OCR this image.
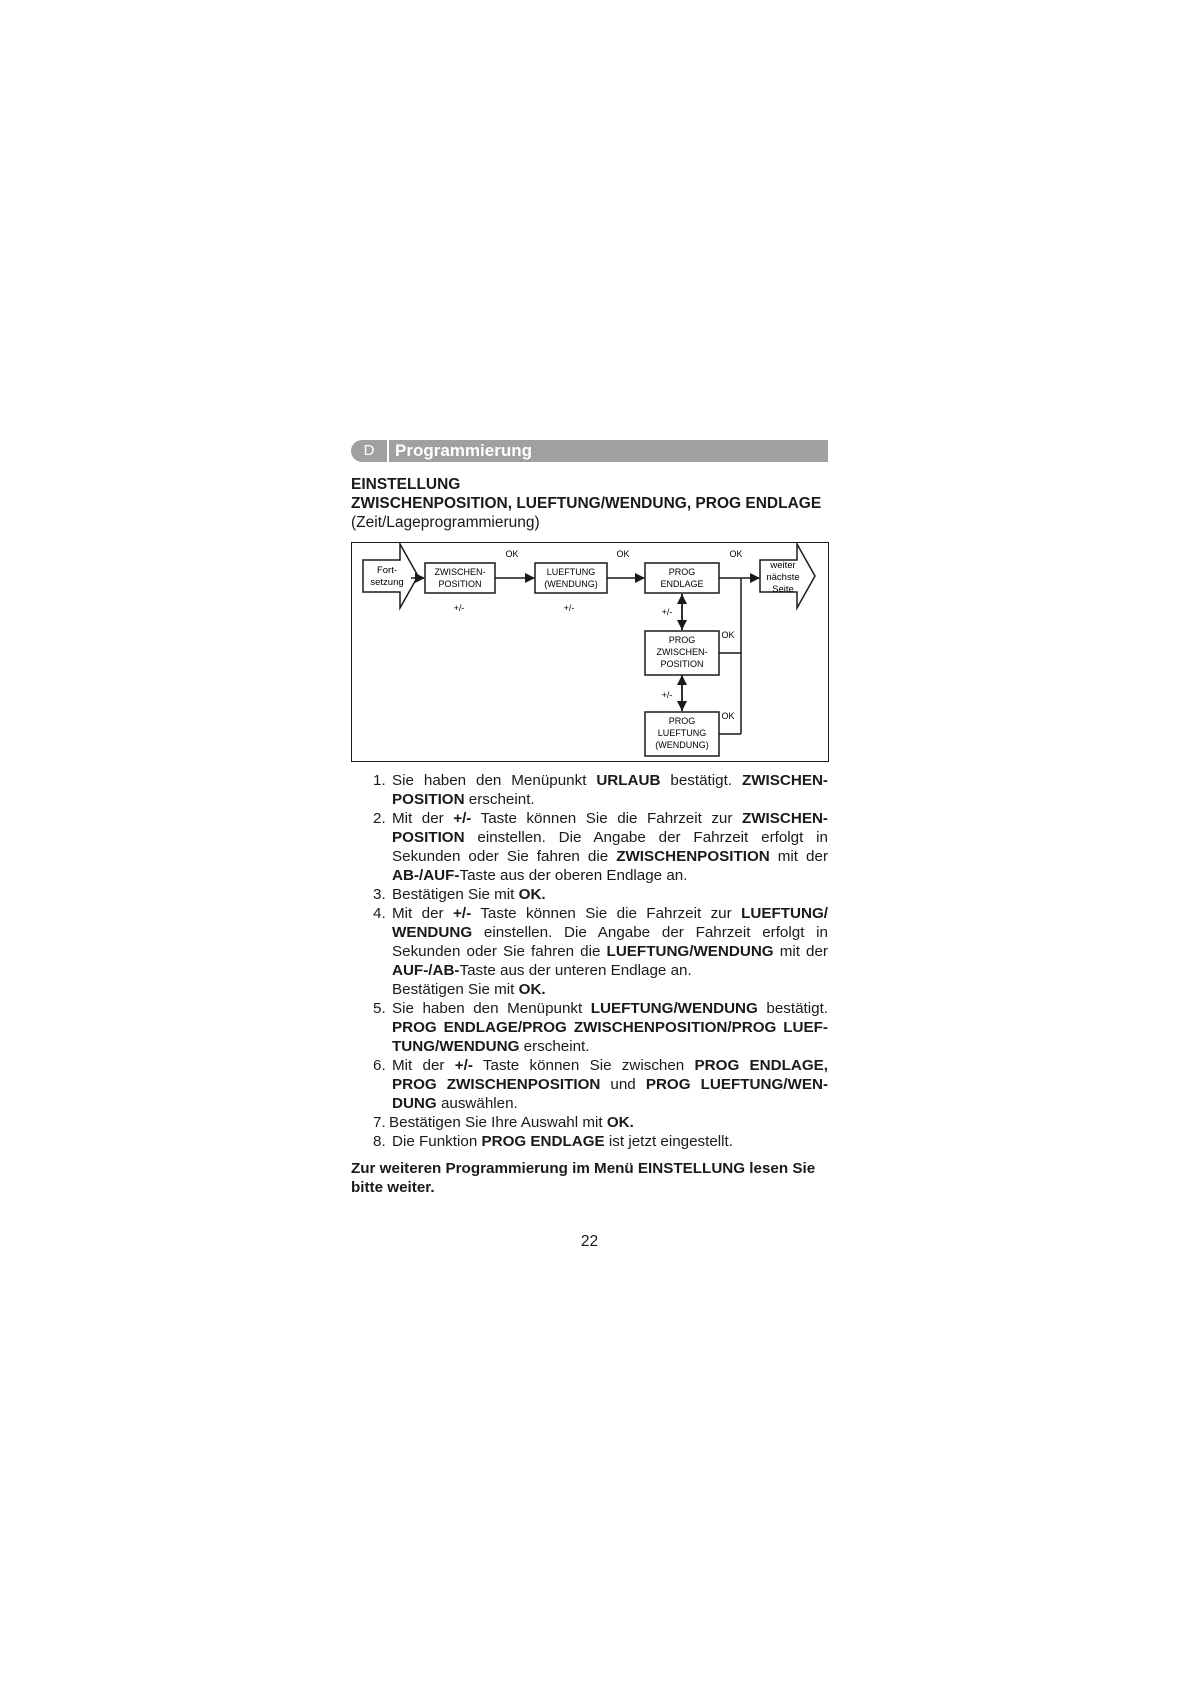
D	Programmierung
EINSTELLUNG
ZWISCHENPOSITION, LUEFTUNG/WENDUNG, PROG ENDLAGE
(Zeit/Lageprogrammierung)
Fort-
setzung
weiter
nächste
Seite
ZWISCHEN-
POSITION
LUEFTUNG
(WENDUNG)
PROG
ENDLAGE
PROG
ZWISCHEN-
POSITION
PROG
LUEFTUNG
(WENDUNG)
OK	OK	OK
OK
OK
+/-	+/-	+/-
+/-
1. Sie haben den Menüpunkt URLAUB bestätigt. ZWISCHEN-POSITION erscheint.
2. Mit der +/- Taste können Sie die Fahrzeit zur ZWISCHEN-POSITION einstellen. Die Angabe der Fahrzeit erfolgt in Sekunden oder Sie fahren die ZWISCHENPOSITION mit der AB-/AUF-Taste aus der oberen Endlage an.
3. Bestätigen Sie mit OK.
4. Mit der +/- Taste können Sie die Fahrzeit zur LUEFTUNG/ WENDUNG einstellen. Die Angabe der Fahrzeit erfolgt in Sekunden oder Sie fahren die LUEFTUNG/WENDUNG mit der AUF-/AB-Taste aus der unteren Endlage an.
Bestätigen Sie mit OK.
5. Sie haben den Menüpunkt LUEFTUNG/WENDUNG bestätigt. PROG ENDLAGE/PROG ZWISCHENPOSITION/PROG LUEF-TUNG/WENDUNG erscheint.
6. Mit der +/- Taste können Sie zwischen PROG ENDLAGE, PROG ZWISCHENPOSITION und PROG LUEFTUNG/WEN-DUNG auswählen.
7. Bestätigen Sie Ihre Auswahl mit OK.
8. Die Funktion PROG ENDLAGE ist jetzt eingestellt.
Zur weiteren Programmierung im Menü EINSTELLUNG lesen Sie bitte weiter.
22
